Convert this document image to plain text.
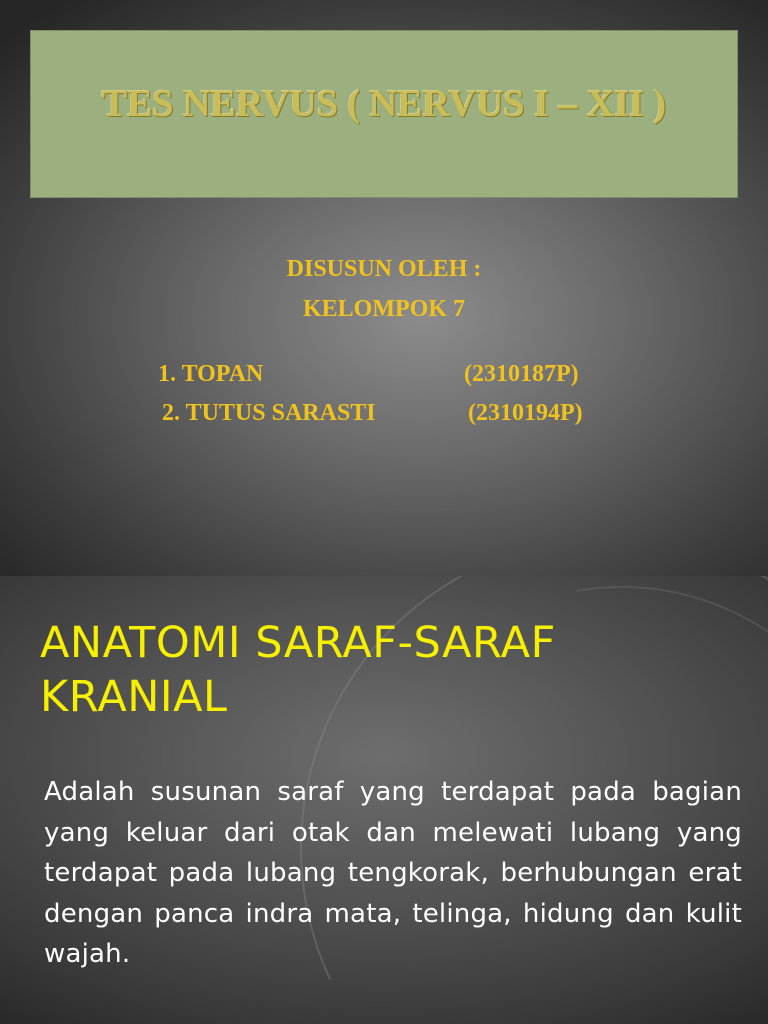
TES NERVUS ( NERVUS I – XII )
DISUSUN OLEH :
KELOMPOK 7
1. TOPAN	(2310187P)
2. TUTUS SARASTI	(2310194P)
ANATOMI SARAF-SARAF KRANIAL
Adalah susunan saraf yang terdapat pada bagian yang keluar dari otak dan melewati lubang yang terdapat pada lubang tengkorak, berhubungan erat dengan panca indra mata, telinga, hidung dan kulit wajah.
